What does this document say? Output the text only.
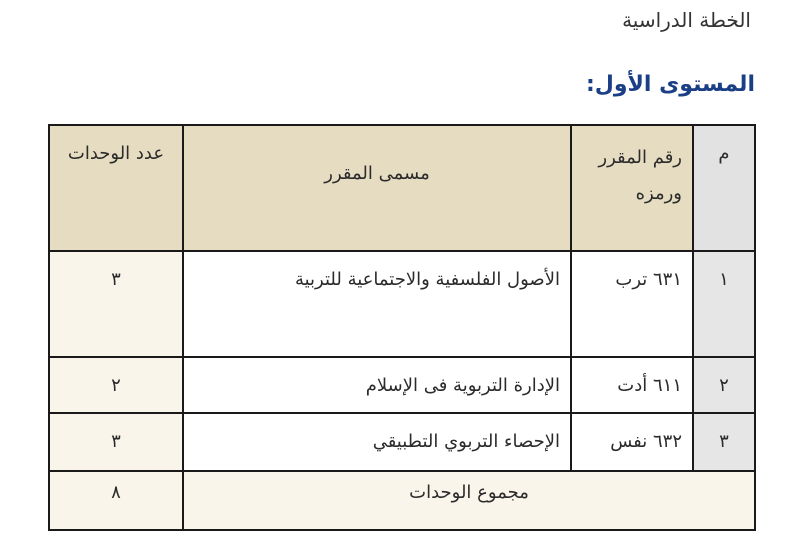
الخطة الدراسية
المستوى الأول:
م	رقم المقرر ورمزه	مسمى المقرر	عدد الوحدات

١	٦٣١ ترب	الأصول الفلسفية والاجتماعية للتربية	٣

٢	٦١١ أدت	الإدارة التربوية فى الإسلام	٢

٣	٦٣٢ نفس	الإحصاء التربوي التطبيقي	٣

مجموع الوحدات			٨
